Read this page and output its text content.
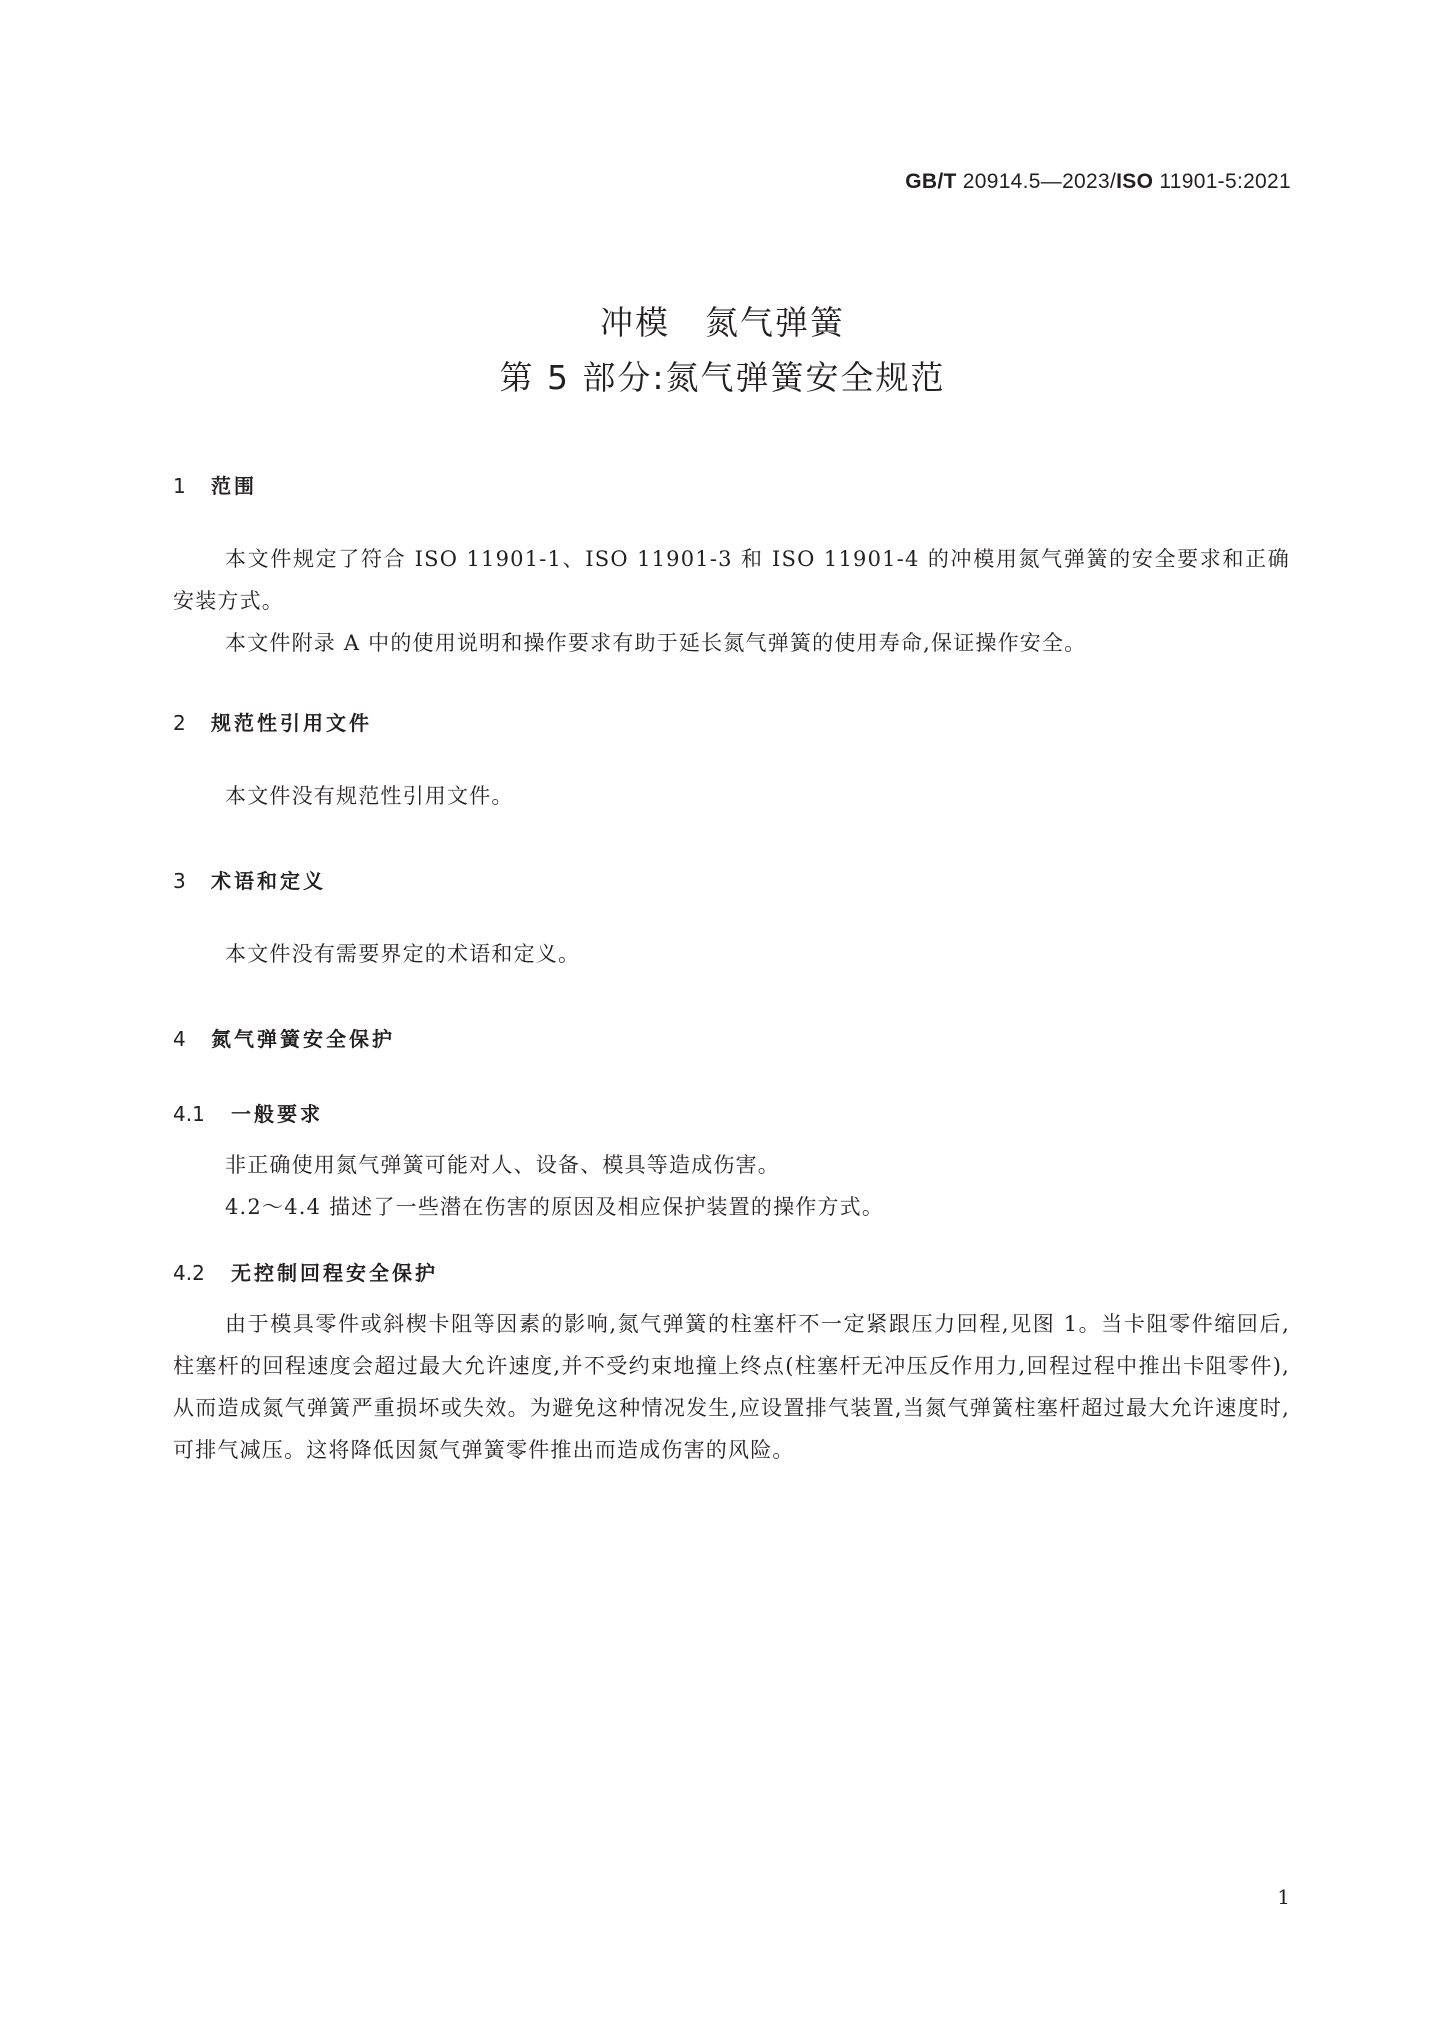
GB/T 20914.5—2023/ISO 11901-5:2021
冲模　氮气弹簧
第 5 部分:氮气弹簧安全规范
1 范围

本文件规定了符合 ISO 11901-1、ISO 11901-3 和 ISO 11901-4 的冲模用氮气弹簧的安全要求和正确安装方式。

本文件附录 A 中的使用说明和操作要求有助于延长氮气弹簧的使用寿命,保证操作安全。

2 规范性引用文件

本文件没有规范性引用文件。

3 术语和定义

本文件没有需要界定的术语和定义。

4 氮气弹簧安全保护
4.1 一般要求

非正确使用氮气弹簧可能对人、设备、模具等造成伤害。

4.2～4.4 描述了一些潜在伤害的原因及相应保护装置的操作方式。

4.2 无控制回程安全保护

由于模具零件或斜楔卡阻等因素的影响,氮气弹簧的柱塞杆不一定紧跟压力回程,见图 1。当卡阻零件缩回后,柱塞杆的回程速度会超过最大允许速度,并不受约束地撞上终点(柱塞杆无冲压反作用力,回程过程中推出卡阻零件),从而造成氮气弹簧严重损坏或失效。为避免这种情况发生,应设置排气装置,当氮气弹簧柱塞杆超过最大允许速度时,可排气减压。这将降低因氮气弹簧零件推出而造成伤害的风险。

1
